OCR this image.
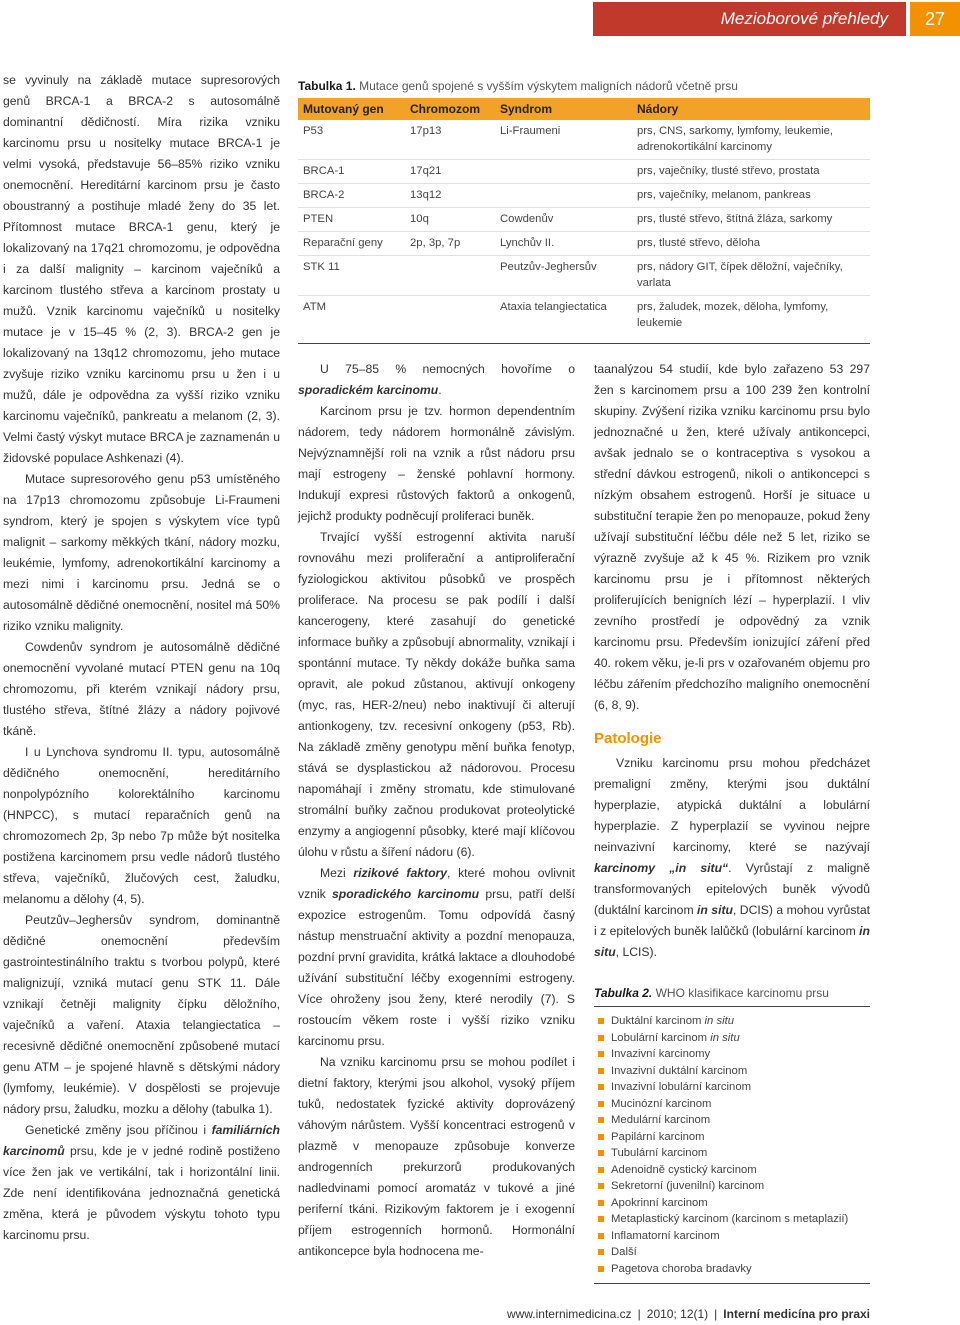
Mezioborové přehledy	27

se vyvinuly na základě mutace supresorových genů BRCA-1 a BRCA-2 s autosomálně dominantní dědičností. Míra rizika vzniku karcinomu prsu u nositelky mutace BRCA-1 je velmi vysoká, představuje 56–85% riziko vzniku onemocnění. Hereditární karcinom prsu je často oboustranný a postihuje mladé ženy do 35 let. Přítomnost mutace BRCA-1 genu, který je lokalizovaný na 17q21 chromozomu, je odpovědna i za další malignity – karcinom vaječníků a karcinom tlustého střeva a karcinom prostaty u mužů. Vznik karcinomu vaječníků u nositelky mutace je v 15–45 % (2, 3). BRCA-2 gen je lokalizovaný na 13q12 chromozomu, jeho mutace zvyšuje riziko vzniku karcinomu prsu u žen i u mužů, dále je odpovědna za vyšší riziko vzniku karcinomu vaječníků, pankreatu a melanom (2, 3). Velmi častý výskyt mutace BRCA je zaznamenán u židovské populace Ashkenazi (4).

Mutace supresorového genu p53 umístěného na 17p13 chromozomu způsobuje Li-Fraumeni syndrom, který je spojen s výskytem více typů malignit – sarkomy měkkých tkání, nádory mozku, leukémie, lymfomy, adrenokortikální karcinomy a mezi nimi i karcinomu prsu. Jedná se o autosomálně dědičné onemocnění, nositel má 50% riziko vzniku malignity.

Cowdenův syndrom je autosomálně dědičné onemocnění vyvolané mutací PTEN genu na 10q chromozomu, při kterém vznikají nádory prsu, tlustého střeva, štítné žlázy a nádory pojivové tkáně.

I u Lynchova syndromu II. typu, autosomálně dědičného onemocnění, hereditárního nonpolypózního kolorektálního karcinomu (HNPCC), s mutací reparačních genů na chromozomech 2p, 3p nebo 7p může být nositelka postižena karcinomem prsu vedle nádorů tlustého střeva, vaječníků, žlučových cest, žaludku, melanomu a dělohy (4, 5).

Peutzův–Jeghersův syndrom, dominantně dědičné onemocnění především gastrointestinálního traktu s tvorbou polypů, které malignizují, vzniká mutací genu STK 11. Dále vznikají četněji malignity čípku děložního, vaječníků a vaření. Ataxia telangiectatica – recesivně dědičné onemocnění způsobené mutací genu ATM – je spojené hlavně s dětskými nádory (lymfomy, leukémie). V dospělosti se projevuje nádory prsu, žaludku, mozku a dělohy (tabulka 1).

Genetické změny jsou příčinou i familiárních karcinomů prsu, kde je v jedné rodině postiženo více žen jak ve vertikální, tak i horizontální linii. Zde není identifikována jednoznačná genetická změna, která je původem výskytu tohoto typu karcinomu prsu.

Tabulka 1. Mutace genů spojené s vyšším výskytem maligních nádorů včetně prsu
Mutovaný gen	Chromozom	Syndrom	Nádory
P53	17p13	Li-Fraumeni	prs, CNS, sarkomy, lymfomy, leukemie, adrenokortikální karcinomy
BRCA-1	17q21		prs, vaječníky, tlusté střevo, prostata
BRCA-2	13q12		prs, vaječníky, melanom, pankreas
PTEN	10q	Cowdenův	prs, tlusté střevo, štítná žláza, sarkomy
Reparační geny	2p, 3p, 7p	Lynchův II.	prs, tlusté střevo, děloha
STK 11		Peutzův-Jeghersův	prs, nádory GIT, čípek děložní, vaječníky, varlata
ATM		Ataxia telangiectatica	prs, žaludek, mozek, děloha, lymfomy, leukemie

U 75–85 % nemocných hovoříme o sporadickém karcinomu.

Karcinom prsu je tzv. hormon dependentním nádorem, tedy nádorem hormonálně závislým. Nejvýznamnější roli na vznik a růst nádoru prsu mají estrogeny – ženské pohlavní hormony. Indukují expresi růstových faktorů a onkogenů, jejichž produkty podněcují proliferaci buněk.

Trvající vyšší estrogenní aktivita naruší rovnováhu mezi proliferační a antiproliferační fyziologickou aktivitou působků ve prospěch proliferace. Na procesu se pak podílí i další kancerogeny, které zasahují do genetické informace buňky a způsobují abnormality, vznikají i spontánní mutace. Ty někdy dokáže buňka sama opravit, ale pokud zůstanou, aktivují onkogeny (myc, ras, HER-2/neu) nebo inaktivují či alterují antionkogeny, tzv. recesivní onkogeny (p53, Rb). Na základě změny genotypu mění buňka fenotyp, stává se dysplastickou až nádorovou. Procesu napomáhají i změny stromatu, kde stimulované stromální buňky začnou produkovat proteolytické enzymy a angiogenní působky, které mají klíčovou úlohu v růstu a šíření nádoru (6).

Mezi rizikové faktory, které mohou ovlivnit vznik sporadického karcinomu prsu, patří delší expozice estrogenům. Tomu odpovídá časný nástup menstruační aktivity a pozdní menopauza, pozdní první gravidita, krátká laktace a dlouhodobé užívání substituční léčby exogenními estrogeny. Více ohroženy jsou ženy, které nerodily (7). S rostoucím věkem roste i vyšší riziko vzniku karcinomu prsu.

Na vzniku karcinomu prsu se mohou podílet i dietní faktory, kterými jsou alkohol, vysoký příjem tuků, nedostatek fyzické aktivity doprovázený váhovým nárůstem. Vyšší koncentraci estrogenů v plazmě v menopauze způsobuje konverze androgenních prekurzorů produkovaných nadledvinami pomocí aromatáz v tukové a jiné periferní tkáni. Rizikovým faktorem je i exogenní příjem estrogenních hormonů. Hormonální antikoncepce byla hodnocena me-

taanalýzou 54 studií, kde bylo zařazeno 53 297 žen s karcinomem prsu a 100 239 žen kontrolní skupiny. Zvýšení rizika vzniku karcinomu prsu bylo jednoznačné u žen, které užívaly antikoncepci, avšak jednalo se o kontraceptiva s vysokou a střední dávkou estrogenů, nikoli o antikoncepci s nízkým obsahem estrogenů. Horší je situace u substituční terapie žen po menopauze, pokud ženy užívají substituční léčbu déle než 5 let, riziko se výrazně zvyšuje až k 45 %. Rizikem pro vznik karcinomu prsu je i přítomnost některých proliferujících benigních lézí – hyperplazií. I vliv zevního prostředí je odpovědný za vznik karcinomu prsu. Především ionizující záření před 40. rokem věku, je-li prs v ozařovaném objemu pro léčbu zářením předchozího maligního onemocnění (6, 8, 9).

Patologie

Vzniku karcinomu prsu mohou předcházet premaligní změny, kterými jsou duktální hyperplazie, atypická duktální a lobulární hyperplazie. Z hyperplazií se vyvinou nejpre neinvazivní karcinomy, které se nazývají karcinomy „in situ“. Vyrůstají z maligně transformovaných epitelových buněk vývodů (duktální karcinom in situ, DCIS) a mohou vyrůstat i z epitelových buněk lalůčků (lobulární karcinom in situ, LCIS).

Tabulka 2. WHO klasifikace karcinomu prsu
Duktální karcinom in situ
Lobulární karcinom in situ
Invazivní karcinomy
Invazivní duktální karcinom
Invazivní lobulární karcinom
Mucinózní karcinom
Medulární karcinom
Papilární karcinom
Tubulární karcinom
Adenoidně cystický karcinom
Sekretorní (juvenilní) karcinom
Apokrinní karcinom
Metaplastický karcinom (karcinom s metaplazií)
Inflamatorní karcinom
Další
Pagetova choroba bradavky
www.internimedicina.cz | 2010; 12(1) | Interní medicína pro praxi
